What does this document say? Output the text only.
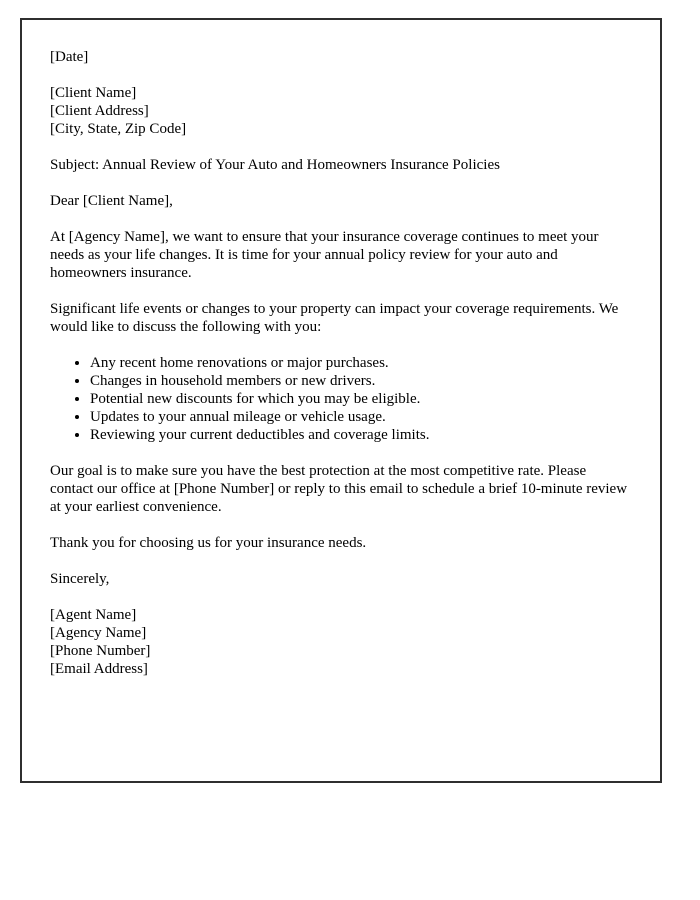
[Date]

[Client Name]
[Client Address]
[City, State, Zip Code]

Subject: Annual Review of Your Auto and Homeowners Insurance Policies

Dear [Client Name],

At [Agency Name], we want to ensure that your insurance coverage continues to meet your needs as your life changes. It is time for your annual policy review for your auto and homeowners insurance.

Significant life events or changes to your property can impact your coverage requirements. We would like to discuss the following with you:

• Any recent home renovations or major purchases.
• Changes in household members or new drivers.
• Potential new discounts for which you may be eligible.
• Updates to your annual mileage or vehicle usage.
• Reviewing your current deductibles and coverage limits.

Our goal is to make sure you have the best protection at the most competitive rate. Please contact our office at [Phone Number] or reply to this email to schedule a brief 10-minute review at your earliest convenience.

Thank you for choosing us for your insurance needs.

Sincerely,

[Agent Name]
[Agency Name]
[Phone Number]
[Email Address]
